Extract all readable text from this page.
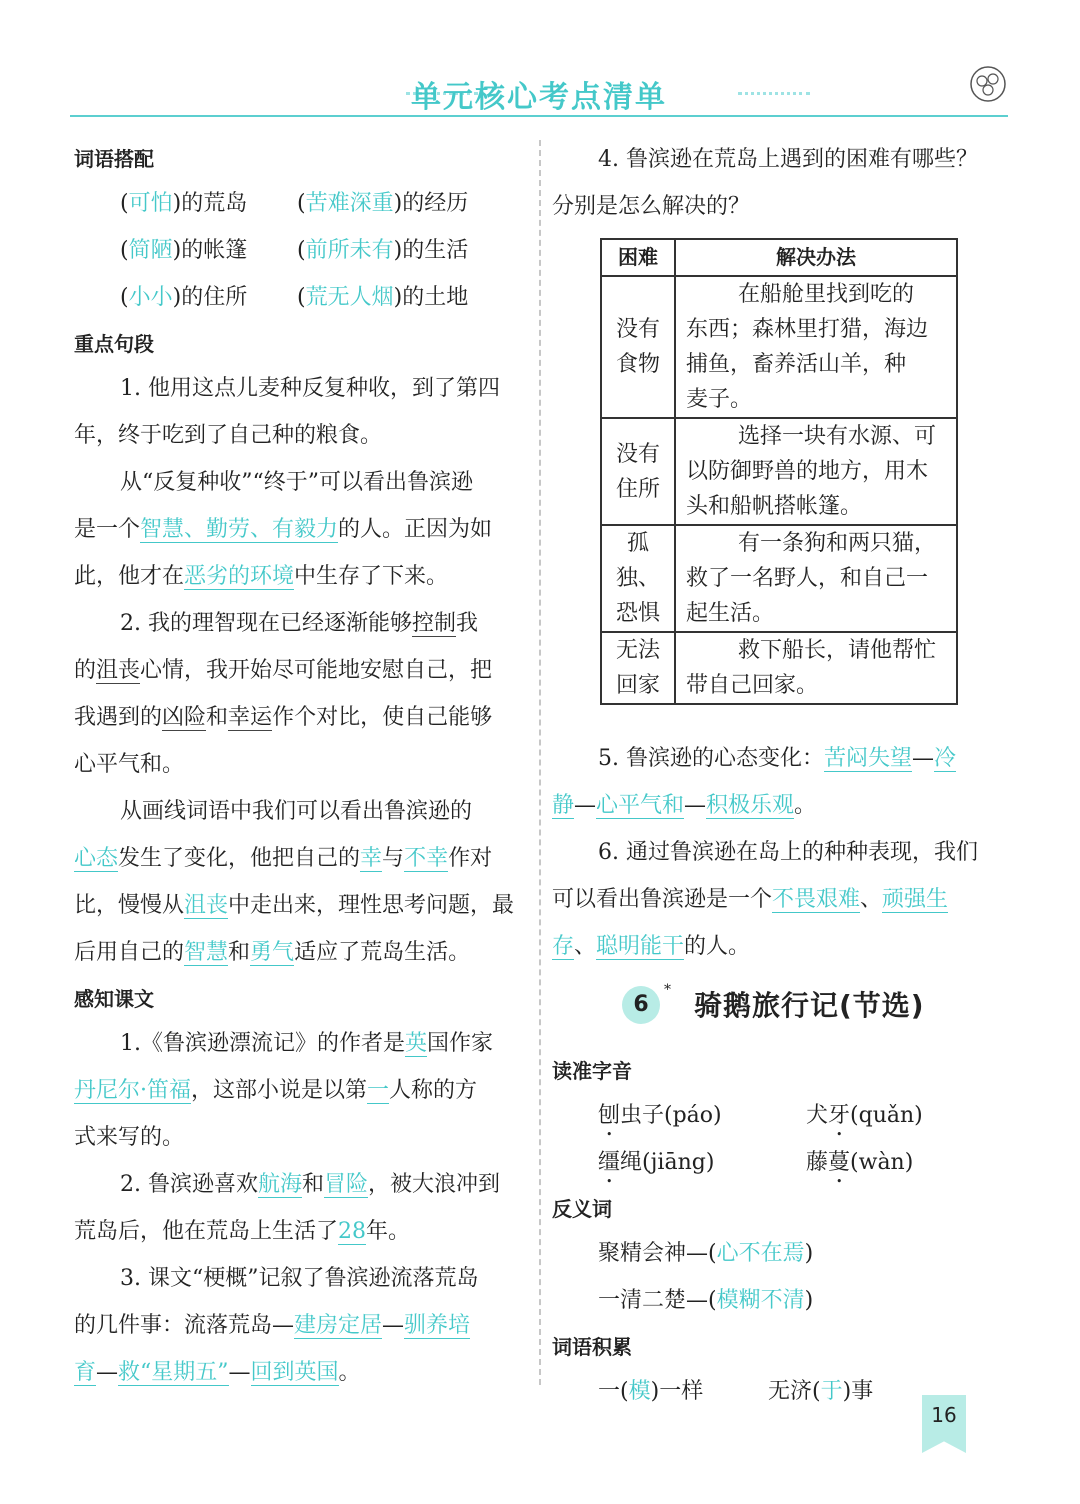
单元核心考点清单
词语搭配
(可怕)的荒岛 (苦难深重)的经历
(简陋)的帐篷 (前所未有)的生活
(小小)的住所 (荒无人烟)的土地
重点句段
1. 他用这点儿麦种反复种收，到了第四
年，终于吃到了自己种的粮食。
从“反复种收”“终于”可以看出鲁滨逊
是一个智慧、勤劳、有毅力的人。正因为如
此，他才在恶劣的环境中生存了下来。
2. 我的理智现在已经逐渐能够控制我
的沮丧心情，我开始尽可能地安慰自己，把
我遇到的凶险和幸运作个对比，使自己能够
心平气和。
从画线词语中我们可以看出鲁滨逊的
心态发生了变化，他把自己的幸与不幸作对
比，慢慢从沮丧中走出来，理性思考问题，最
后用自己的智慧和勇气适应了荒岛生活。
感知课文
1.《鲁滨逊漂流记》的作者是英国作家
丹尼尔·笛福，这部小说是以第一人称的方
式来写的。
2. 鲁滨逊喜欢航海和冒险，被大浪冲到
荒岛后，他在荒岛上生活了28年。
3. 课文“梗概”记叙了鲁滨逊流落荒岛
的几件事：流落荒岛—建房定居—驯养培
育—救“星期五”—回到英国。
4. 鲁滨逊在荒岛上遇到的困难有哪些？
分别是怎么解决的？
困难	解决办法
没有
食物	在船舱里找到吃的
东西；森林里打猎，海边
捕鱼，畜养活山羊，种
麦子。
没有
住所	选择一块有水源、可
以防御野兽的地方，用木
头和船帆搭帐篷。
孤独、
恐惧	有一条狗和两只猫，
救了一名野人，和自己一
起生活。
无法
回家	救下船长，请他帮忙
带自己回家。
5. 鲁滨逊的心态变化：苦闷失望—冷
静—心平气和—积极乐观。
6. 通过鲁滨逊在岛上的种种表现，我们
可以看出鲁滨逊是一个不畏艰难、顽强生
存、聪明能干的人。
6
* 骑鹅旅行记(节选)
读准字音
刨虫子(páo)	犬牙(quǎn)
缰绳(jiāng)	藤蔓(wàn)
反义词
聚精会神—(心不在焉)
一清二楚—(模糊不清)
词语积累
一(模)一样	无济(于)事
16
